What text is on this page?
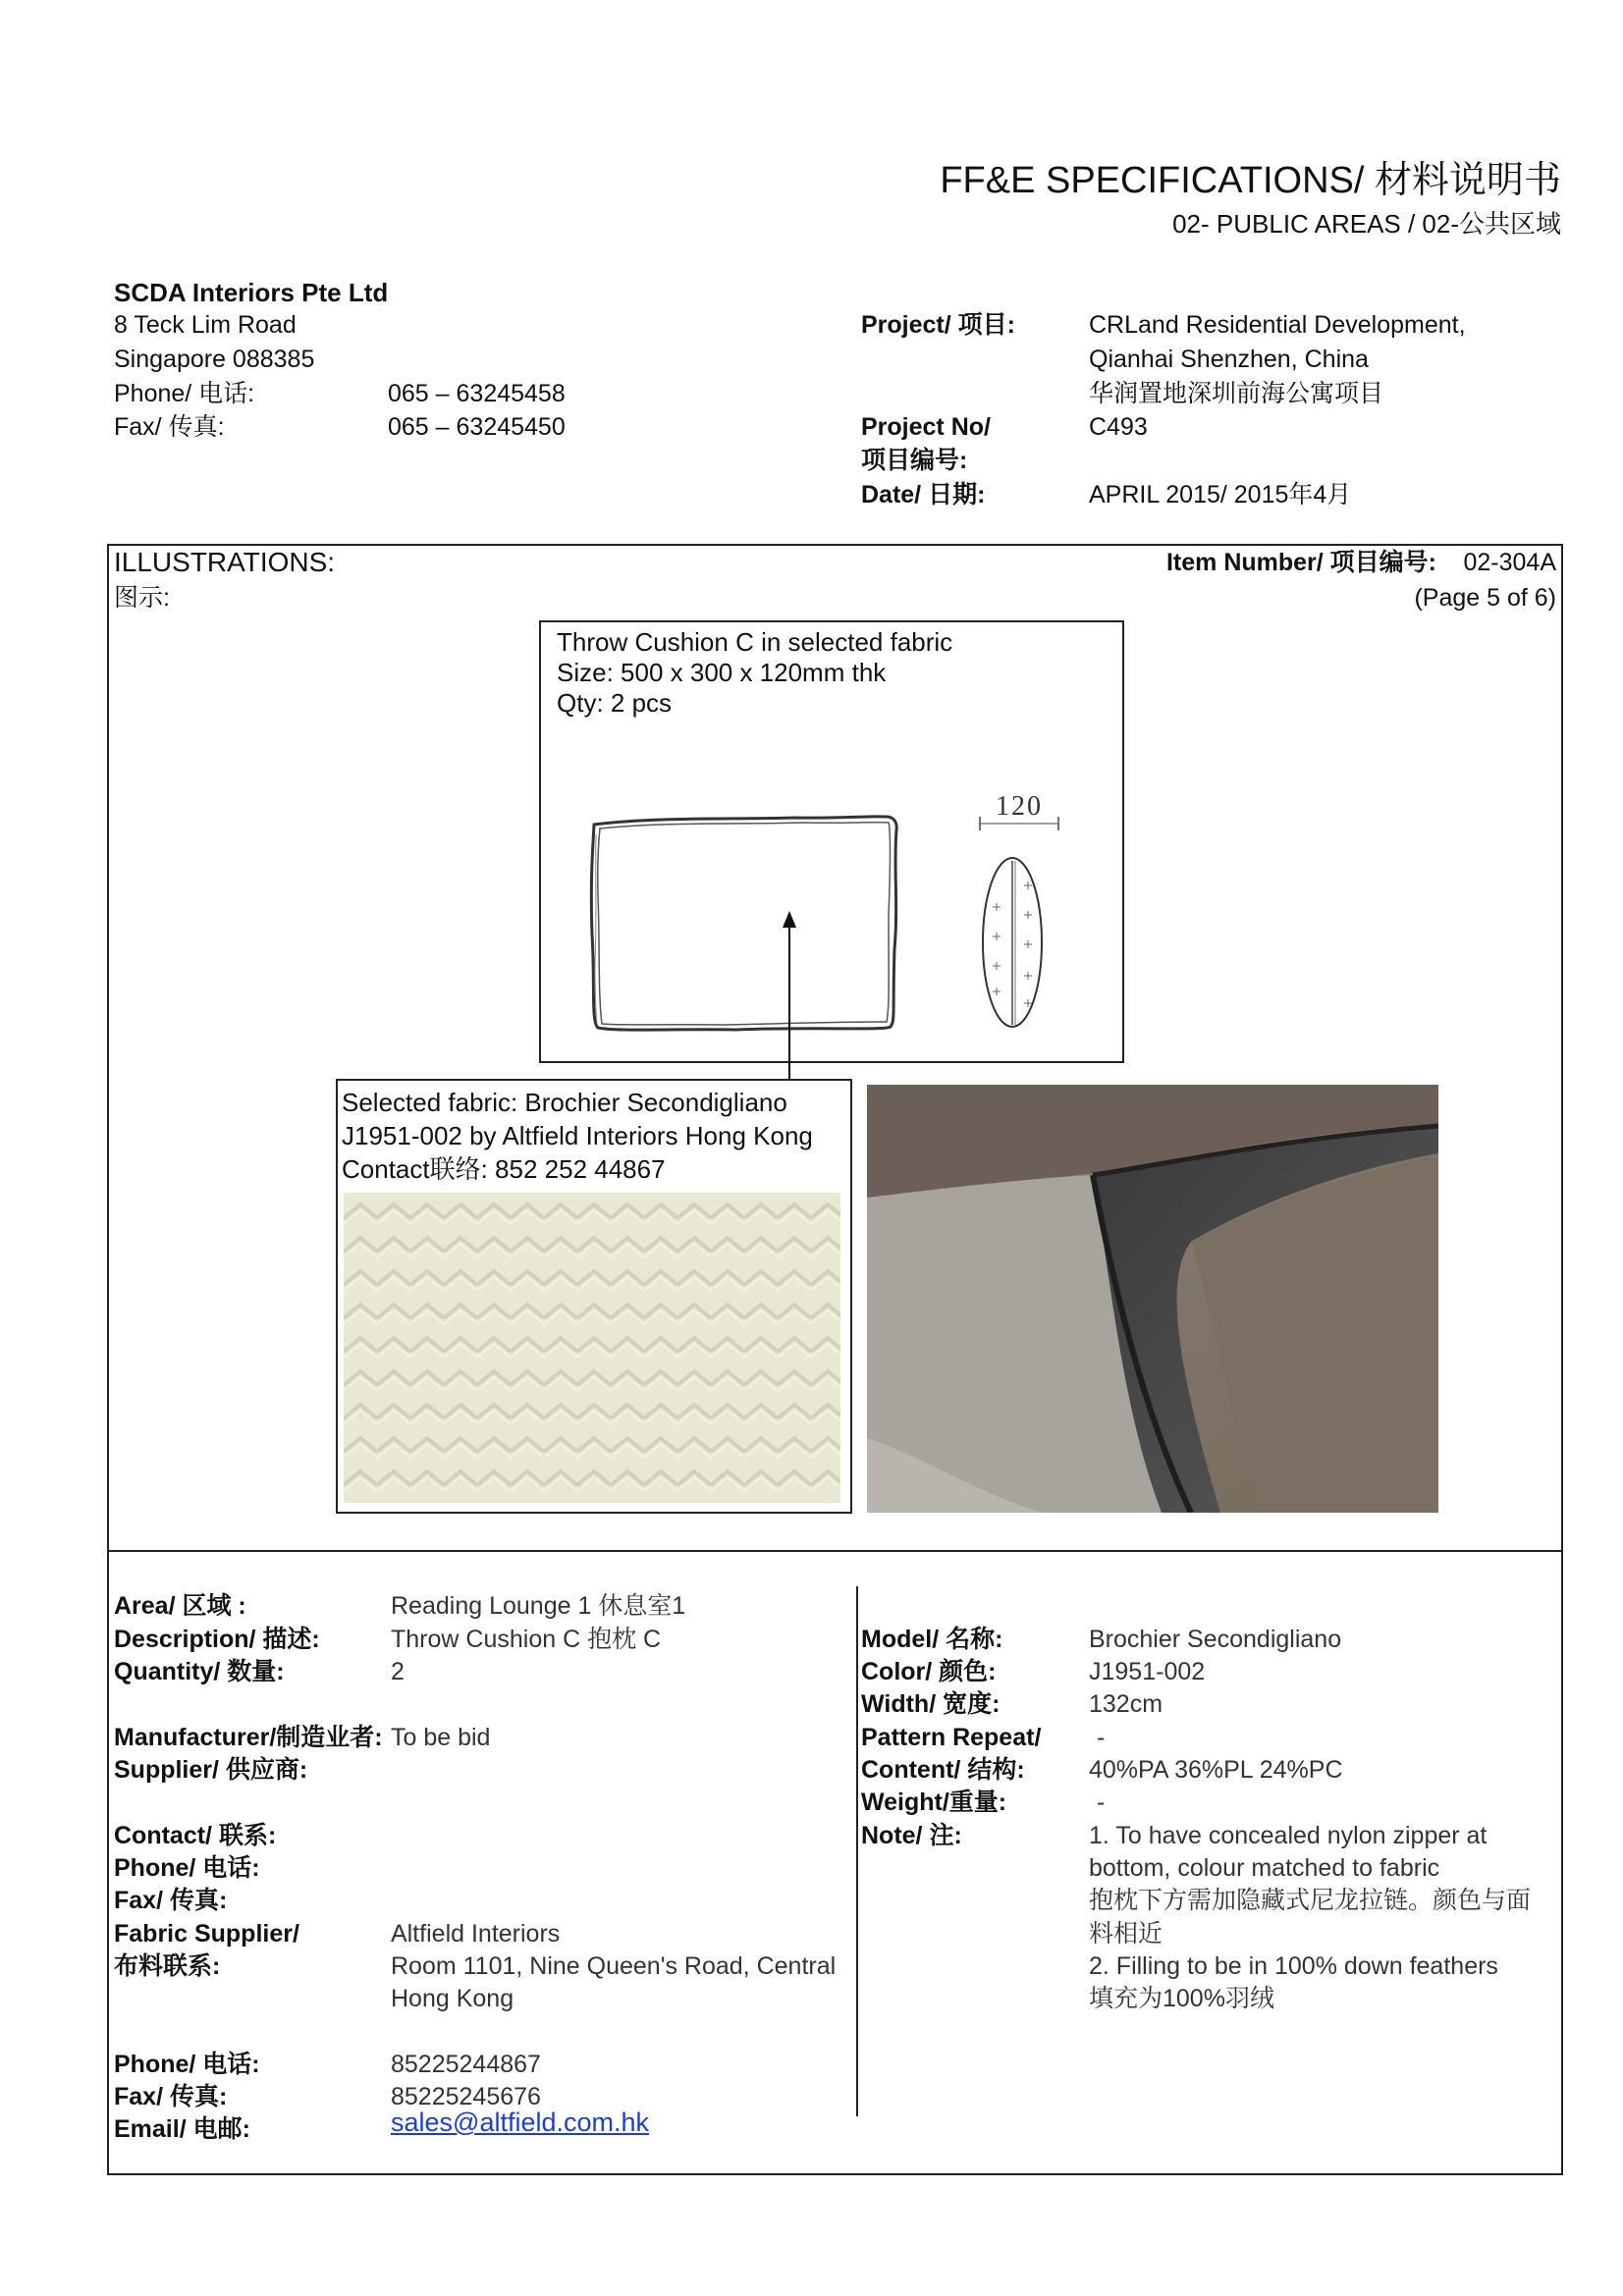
FF&E SPECIFICATIONS/ 材料说明书
02- PUBLIC AREAS / 02-公共区域
SCDA Interiors Pte Ltd
8 Teck Lim Road
Singapore 088385
Phone/ 电话:	065 – 63245458
Fax/ 传真:	065 – 63245450
Project/ 项目:	CRLand Residential Development,
Qianhai Shenzhen, China
华润置地深圳前海公寓项目
Project No/
项目编号:
C493
Date/ 日期:	APRIL 2015/ 2015年4月
ILLUSTRATIONS:
图示:
Item Number/ 项目编号: 02-304A
(Page 5 of 6)
Throw Cushion C in selected fabric
Size: 500 x 300 x 120mm thk
Qty: 2 pcs
120
Selected fabric: Brochier Secondigliano
J1951-002 by Altfield Interiors Hong Kong
Contact联络: 852 252 44867
Area/ 区域 :	Reading Lounge 1 休息室1
Description/ 描述:	Throw Cushion C 抱枕 C
Quantity/ 数量:	2
Manufacturer/制造业者: To be bid
Supplier/ 供应商:
Contact/ 联系:
Phone/ 电话:
Fax/ 传真:
Fabric Supplier/
布料联系:
Altfield Interiors
Room 1101, Nine Queen's Road, Central
Hong Kong
Phone/ 电话:	85225244867
Fax/ 传真:	85225245676
Email/ 电邮:	sales@altfield.com.hk
Model/ 名称:	Brochier Secondigliano
Color/ 颜色:	J1951-002
Width/ 宽度:	132cm
Pattern Repeat/ -
Content/ 结构:	40%PA 36%PL 24%PC
Weight/重量:	-
Note/ 注:	1. To have concealed nylon zipper at
bottom, colour matched to fabric
抱枕下方需加隐藏式尼龙拉链。颜色与面
料相近
2. Filling to be in 100% down feathers
填充为100%羽绒
